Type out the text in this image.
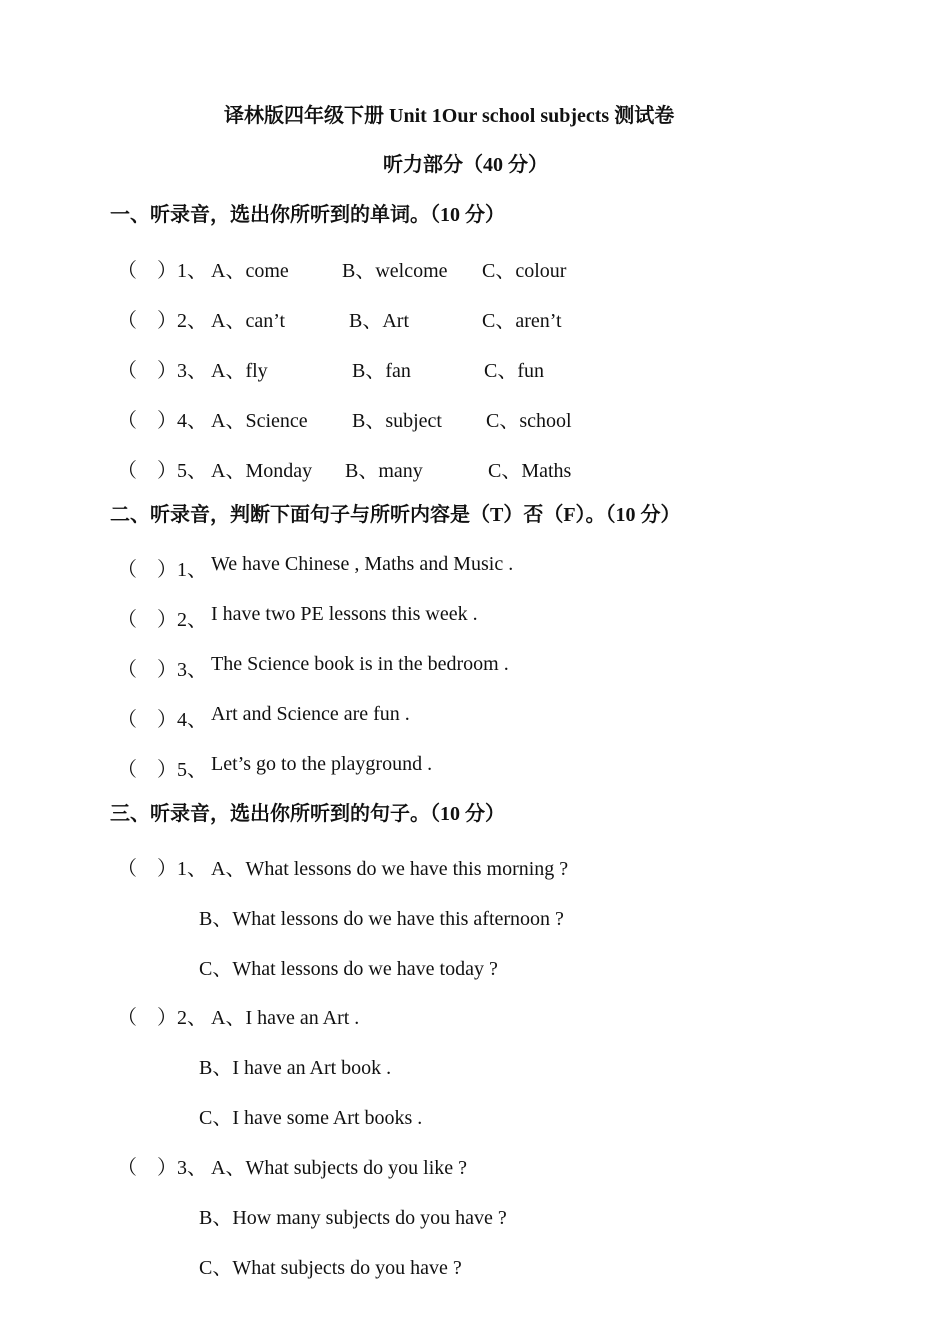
译林版四年级下册 Unit 1Our school subjects 测试卷
听力部分（40 分）
一、听录音，选出你所听到的单词。（10 分）
（　）1、 A、come	B、welcome C、colour
（　）2、 A、can’t	B、Art	C、aren’t
（　）3、 A、fly	B、fan	C、fun
（　）4、 A、Science B、subject C、school
（　）5、 A、Monday B、many	C、Maths
二、听录音，判断下面句子与所听内容是（T）否（F）。（10 分）
（　）1、 We have Chinese , Maths and Music .
（　）2、 I have two PE lessons this week .
（　）3、 The Science book is in the bedroom .
（　）4、 Art and Science are fun .
（　）5、 Let’s go to the playground .
三、听录音，选出你所听到的句子。（10 分）
（　）1、 A、What lessons do we have this morning ?
B、What lessons do we have this afternoon ?
C、What lessons do we have today ?
（　）2、 A、I have an Art .
B、I have an Art book .
C、I have some Art books .
（　）3、 A、What subjects do you like ?
B、How many subjects do you have ?
C、What subjects do you have ?
